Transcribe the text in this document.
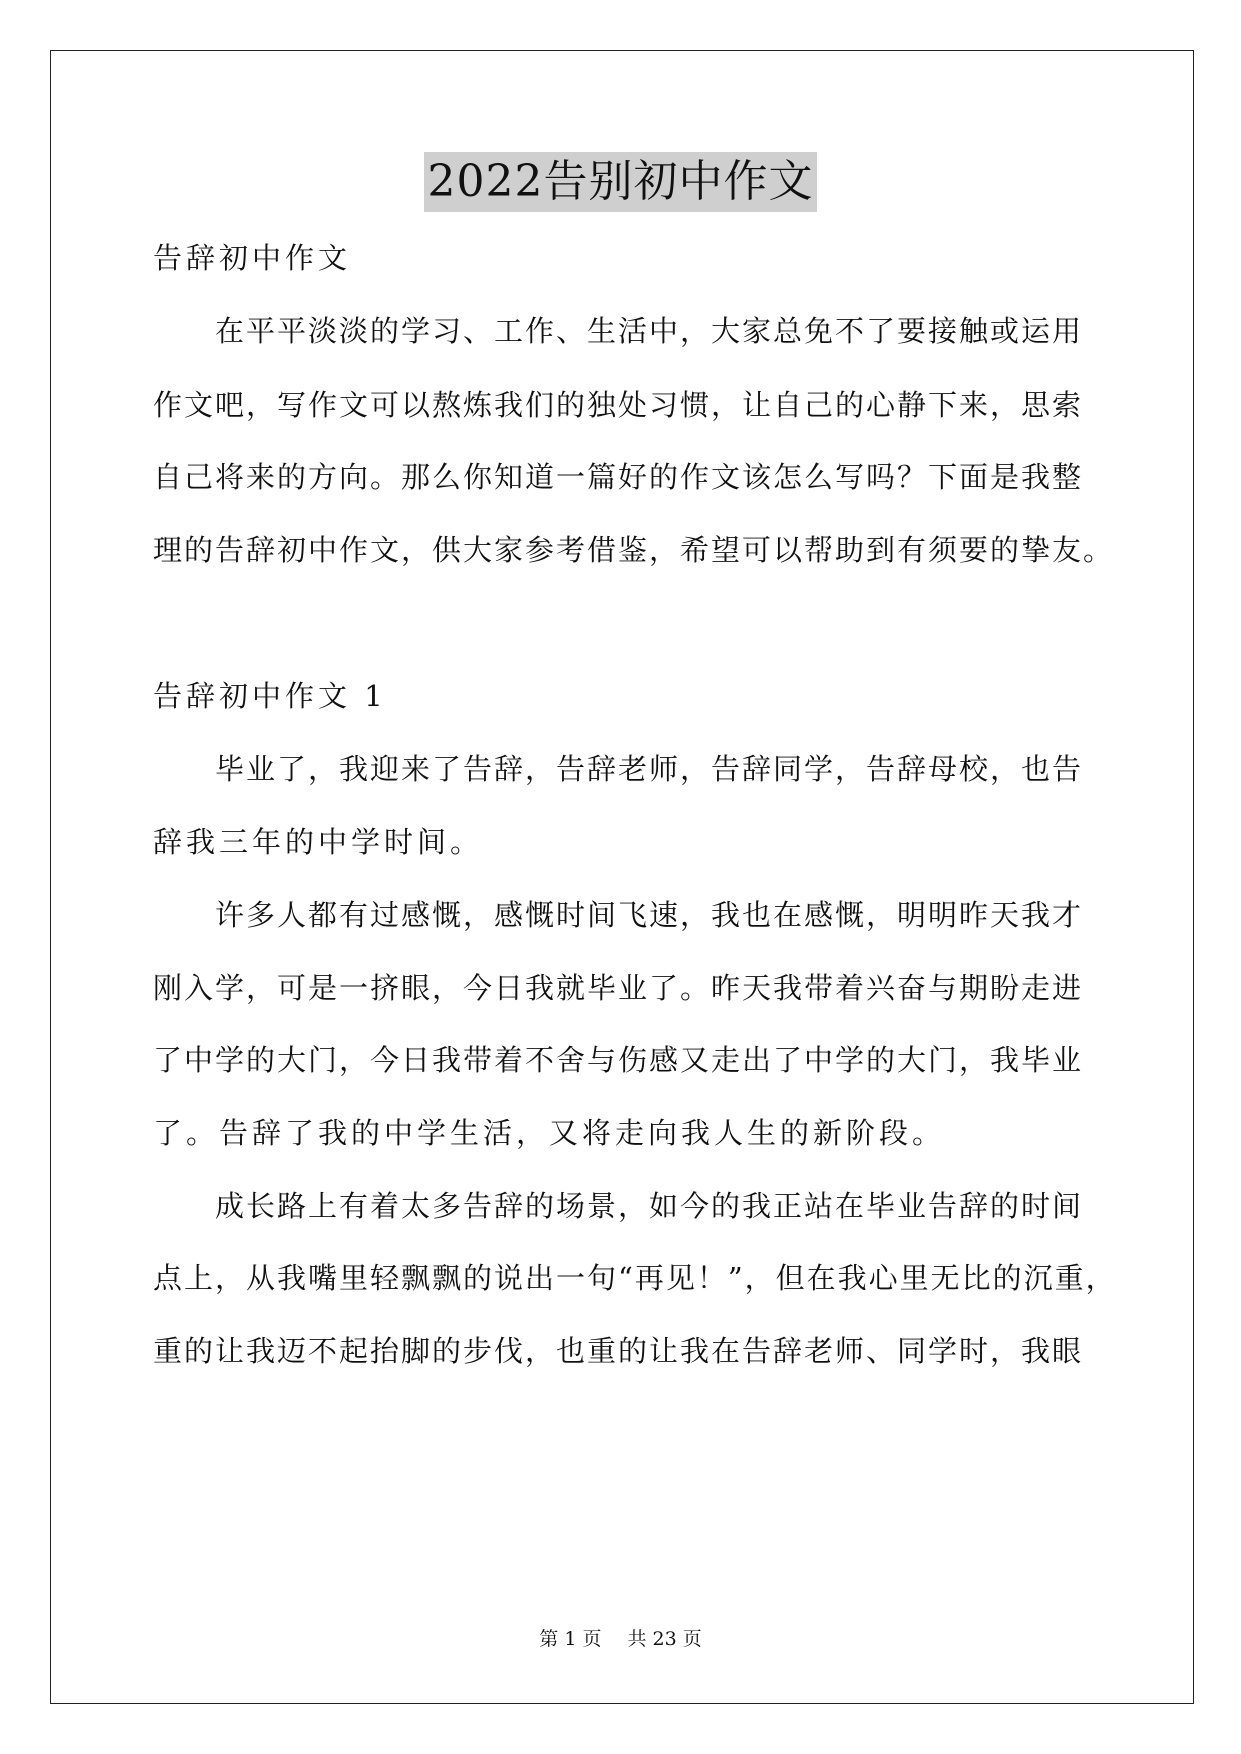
2022告别初中作文
告辞初中作文
在平平淡淡的学习、工作、生活中，大家总免不了要接触或运用
作文吧，写作文可以熬炼我们的独处习惯，让自己的心静下来，思索
自己将来的方向。那么你知道一篇好的作文该怎么写吗？下面是我整
理的告辞初中作文，供大家参考借鉴，希望可以帮助到有须要的挚友。
告辞初中作文 1
毕业了，我迎来了告辞，告辞老师，告辞同学，告辞母校，也告
辞我三年的中学时间。
许多人都有过感慨，感慨时间飞速，我也在感慨，明明昨天我才
刚入学，可是一挤眼，今日我就毕业了。昨天我带着兴奋与期盼走进
了中学的大门，今日我带着不舍与伤感又走出了中学的大门，我毕业
了。告辞了我的中学生活，又将走向我人生的新阶段。
成长路上有着太多告辞的场景，如今的我正站在毕业告辞的时间
点上，从我嘴里轻飘飘的说出一句“再见！”，但在我心里无比的沉重，
重的让我迈不起抬脚的步伐，也重的让我在告辞老师、同学时，我眼
第 1 页 共 23 页
